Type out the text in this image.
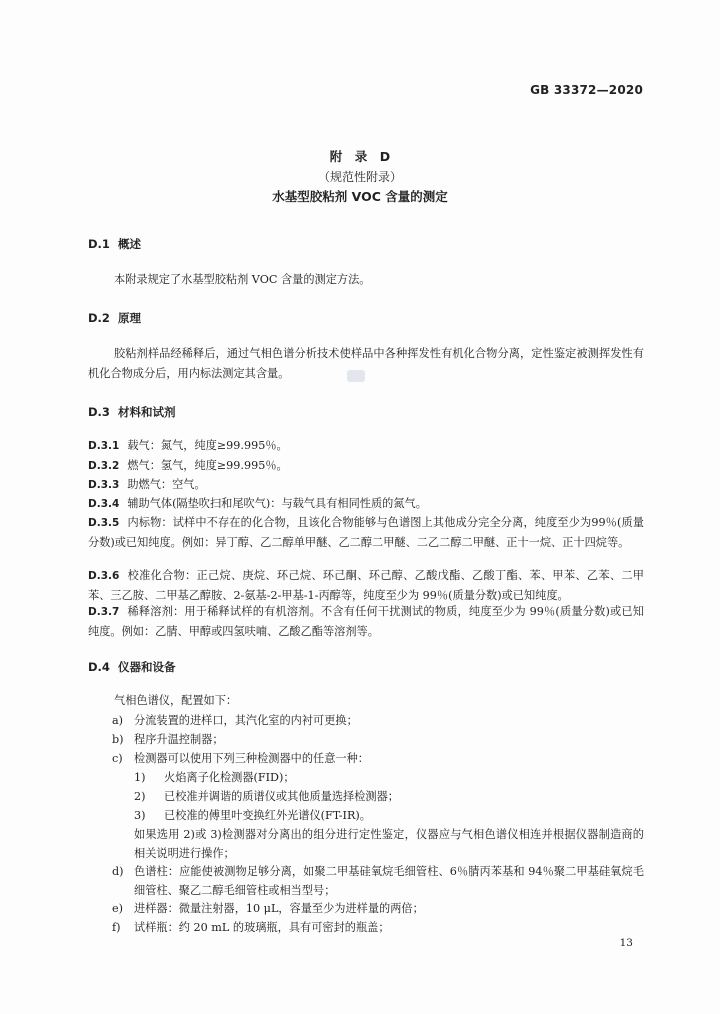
GB 33372—2020
附　录　D
（规范性附录）
水基型胶粘剂 VOC 含量的测定
D.1 概述
本附录规定了水基型胶粘剂 VOC 含量的测定方法。
D.2 原理
胶粘剂样品经稀释后，通过气相色谱分析技术使样品中各种挥发性有机化合物分离，定性鉴定被测挥发性有机化合物成分后，用内标法测定其含量。
D.3 材料和试剂
D.3.1 载气：氮气，纯度≥99.995％。
D.3.2 燃气：氢气，纯度≥99.995％。
D.3.3 助燃气：空气。
D.3.4 辅助气体(隔垫吹扫和尾吹气)：与载气具有相同性质的氮气。
D.3.5 内标物：试样中不存在的化合物，且该化合物能够与色谱图上其他成分完全分离，纯度至少为99％(质量分数)或已知纯度。例如：异丁醇、乙二醇单甲醚、乙二醇二甲醚、二乙二醇二甲醚、正十一烷、正十四烷等。
D.3.6 校准化合物：正己烷、庚烷、环己烷、环己酮、环己醇、乙酸戊酯、乙酸丁酯、苯、甲苯、乙苯、二甲苯、三乙胺、二甲基乙醇胺、2-氨基-2-甲基-1-丙醇等，纯度至少为 99％(质量分数)或已知纯度。
D.3.7 稀释溶剂：用于稀释试样的有机溶剂。不含有任何干扰测试的物质，纯度至少为 99％(质量分数)或已知纯度。例如：乙腈、甲醇或四氢呋喃、乙酸乙酯等溶剂等。
D.4 仪器和设备
气相色谱仪，配置如下：
a) 分流装置的进样口，其汽化室的内衬可更换；
b) 程序升温控制器；
c) 检测器可以使用下列三种检测器中的任意一种：
1) 火焰离子化检测器(FID)；
2) 已校准并调谐的质谱仪或其他质量选择检测器；
3) 已校准的傅里叶变换红外光谱仪(FT-IR)。
如果选用 2)或 3)检测器对分离出的组分进行定性鉴定，仪器应与气相色谱仪相连并根据仪器制造商的相关说明进行操作；
d) 色谱柱：应能使被测物足够分离，如聚二甲基硅氧烷毛细管柱、6％腈丙苯基和 94％聚二甲基硅氧烷毛细管柱、聚乙二醇毛细管柱或相当型号；
e) 进样器：微量注射器，10 μL，容量至少为进样量的两倍；
f) 试样瓶：约 20 mL 的玻璃瓶，具有可密封的瓶盖；
13
